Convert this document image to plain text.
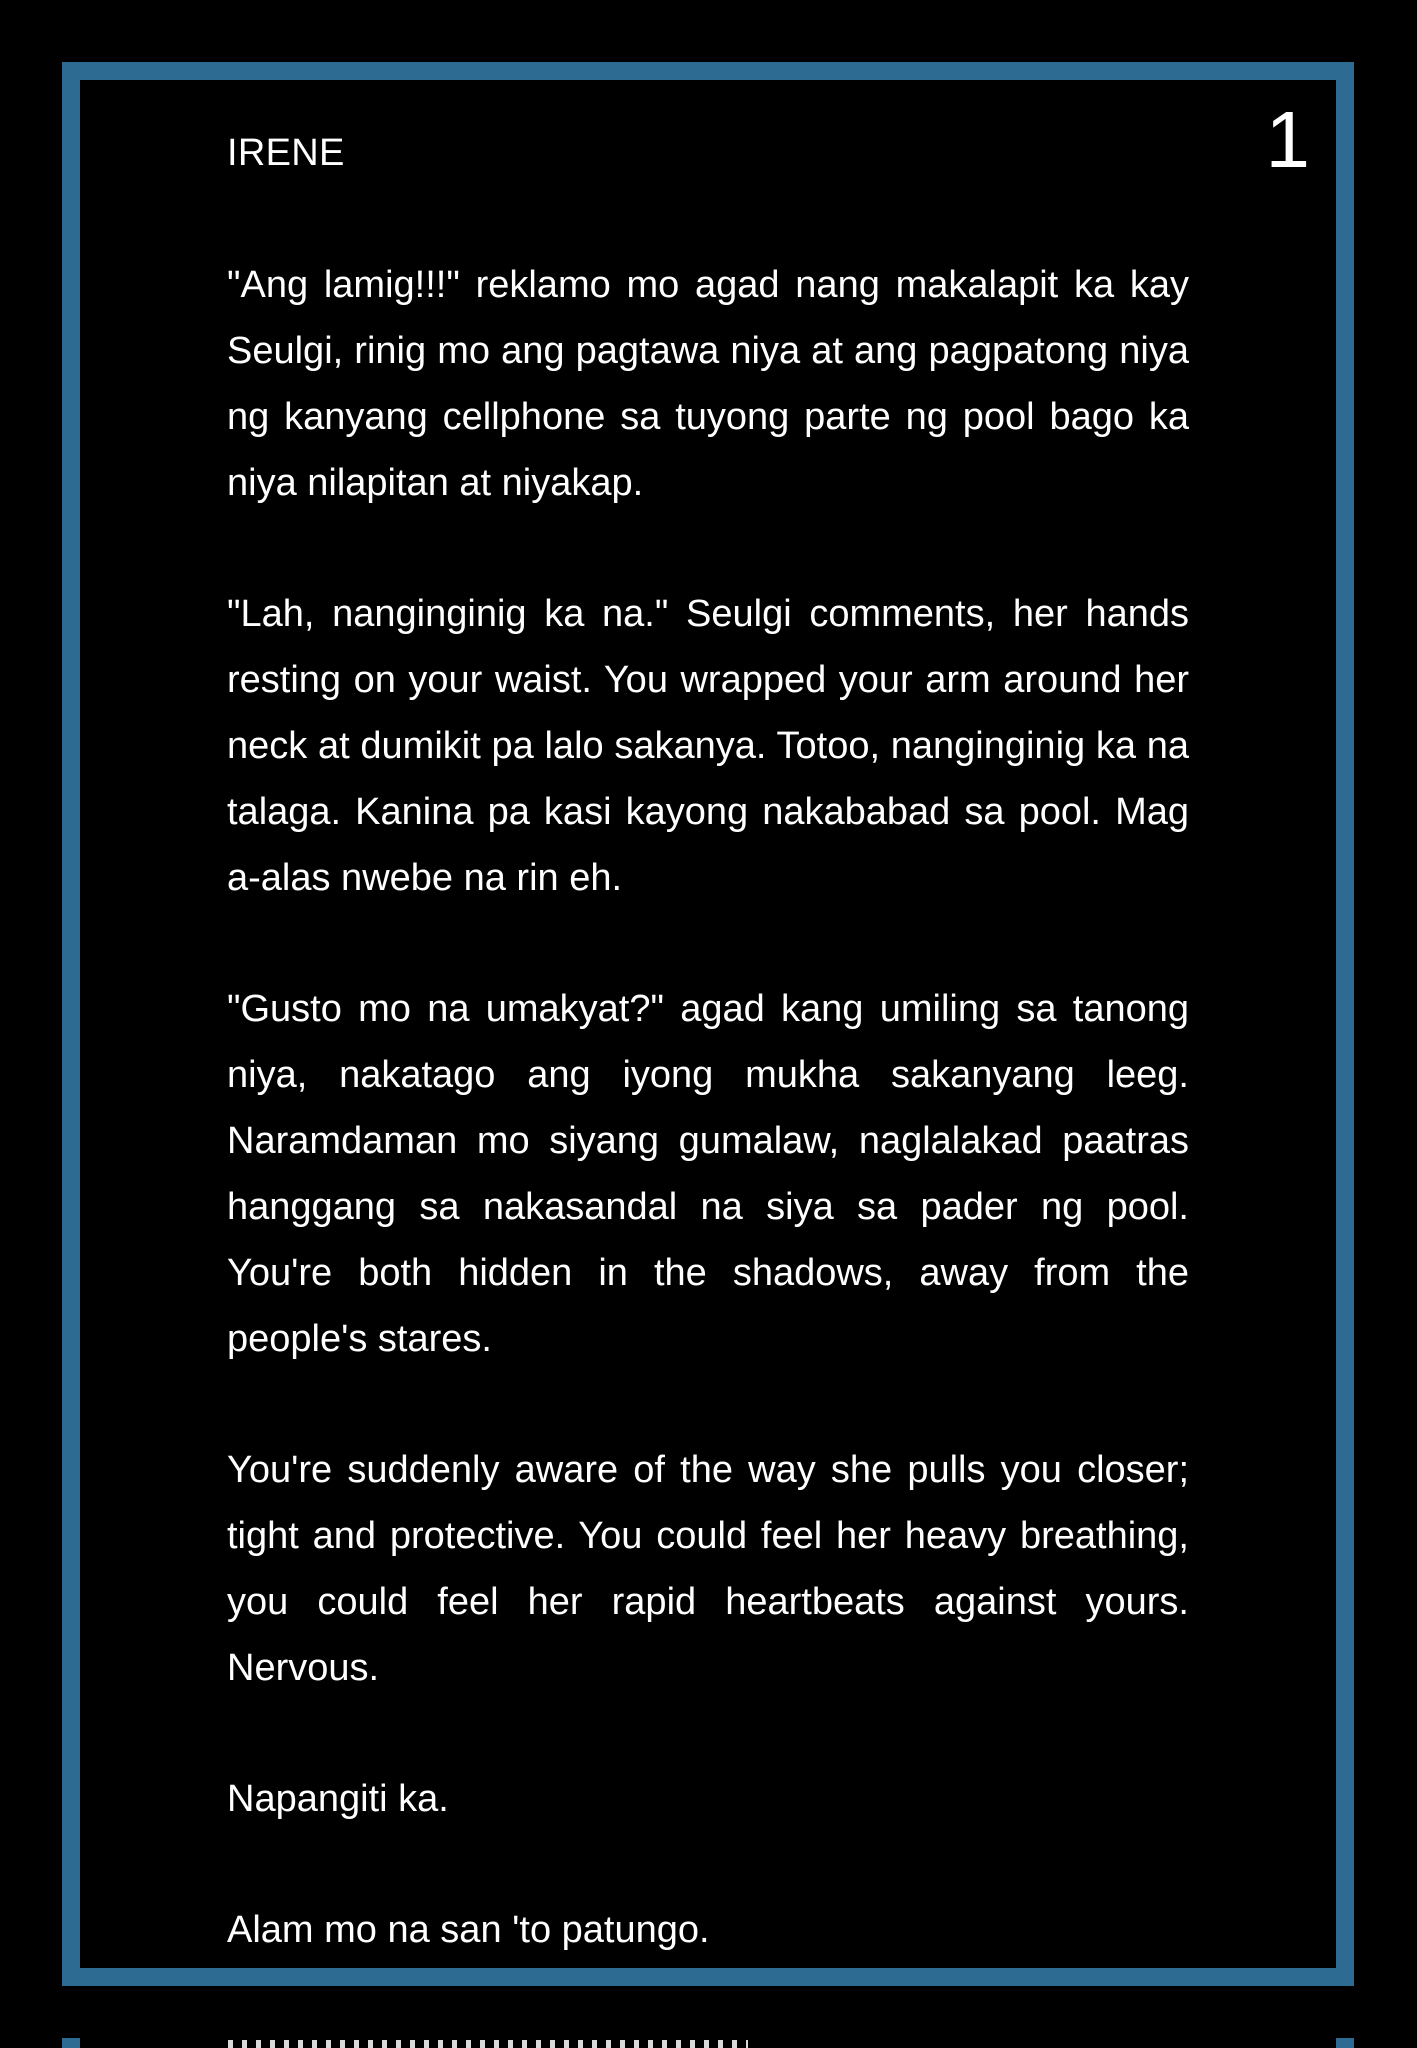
1
IRENE

"Ang lamig!!!" reklamo mo agad nang makalapit ka kay Seulgi, rinig mo ang pagtawa niya at ang pagpatong niya ng kanyang cellphone sa tuyong parte ng pool bago ka niya nilapitan at niyakap.

"Lah, nanginginig ka na." Seulgi comments, her hands resting on your waist. You wrapped your arm around her neck at dumikit pa lalo sakanya. Totoo, nanginginig ka na talaga. Kanina pa kasi kayong nakababad sa pool. Mag a-alas nwebe na rin eh.

"Gusto mo na umakyat?" agad kang umiling sa tanong niya, nakatago ang iyong mukha sakanyang leeg. Naramdaman mo siyang gumalaw, naglalakad paatras hanggang sa nakasandal na siya sa pader ng pool. You're both hidden in the shadows, away from the people's stares.

You're suddenly aware of the way she pulls you closer; tight and protective. You could feel her heavy breathing, you could feel her rapid heartbeats against yours. Nervous.

Napangiti ka.

Alam mo na san 'to patungo.
